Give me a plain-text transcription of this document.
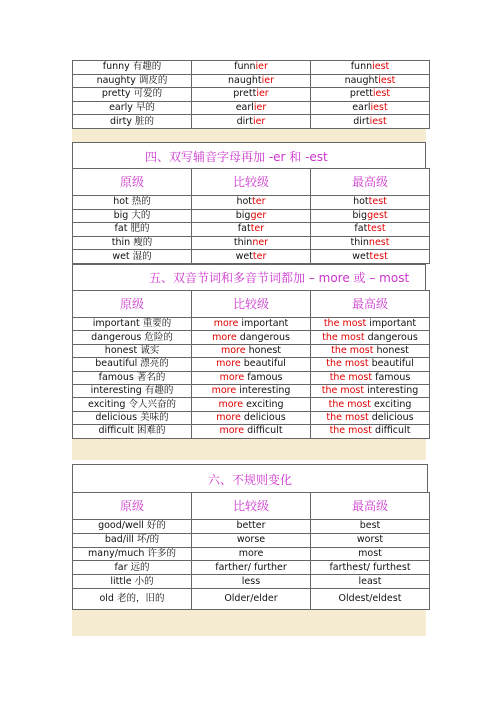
funny 有趣的	funnier	funniest
naughty 调皮的	naughtier	naughtiest
pretty 可爱的	prettier	prettiest
early 早的	earlier	earliest
dirty 脏的	dirtier	dirtiest
四、双写辅音字母再加 -er 和 -est
原级	比较级	最高级
hot 热的	hotter	hottest
big 大的	bigger	biggest
fat 肥的	fatter	fattest
thin 瘦的	thinner	thinnest
wet 湿的	wetter	wettest
五、双音节词和多音节词都加 – more 或 – most
原级	比较级	最高级
important 重要的	more important	the most important
dangerous 危险的	more dangerous	the most dangerous
honest 诚实	more honest	the most honest
beautiful 漂亮的	more beautiful	the most beautiful
famous 著名的	more famous	the most famous
interesting 有趣的	more interesting	the most interesting
exciting 令人兴奋的	more exciting	the most exciting
delicious 美味的	more delicious	the most delicious
difficult 困难的	more difficult	the most difficult
六、不规则变化
原级	比较级	最高级
good/well 好的	better	best
bad/ill 坏/的	worse	worst
many/much 许多的	more	most
far 远的	farther/ further	farthest/ furthest
little 小的	less	least
old 老的，旧的	Older/elder	Oldest/eldest
